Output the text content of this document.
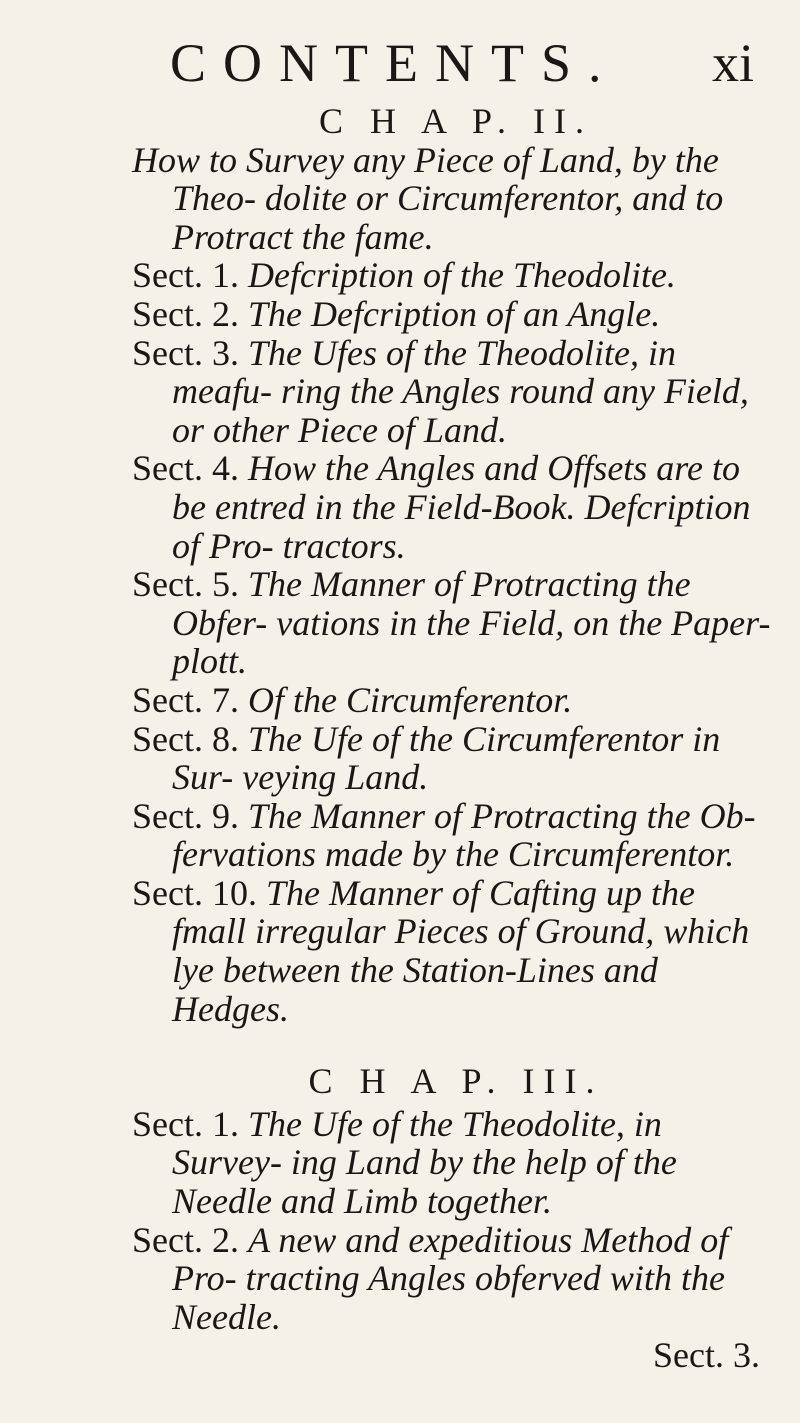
CONTENTS. xi
C H A P. II.

How to Survey any Piece of Land, by the Theo- dolite or Circumferentor, and to Protract the fame.

Sect. 1. Defcription of the Theodolite.

Sect. 2. The Defcription of an Angle.

Sect. 3. The Ufes of the Theodolite, in meafu- ring the Angles round any Field, or other Piece of Land.

Sect. 4. How the Angles and Offsets are to be entred in the Field-Book. Defcription of Pro- tractors.

Sect. 5. The Manner of Protracting the Obfer- vations in the Field, on the Paper-plott.

Sect. 7. Of the Circumferentor.

Sect. 8. The Ufe of the Circumferentor in Sur- veying Land.

Sect. 9. The Manner of Protracting the Ob- fervations made by the Circumferentor.

Sect. 10. The Manner of Cafting up the fmall irregular Pieces of Ground, which lye between the Station-Lines and Hedges.

C H A P. III.

Sect. 1. The Ufe of the Theodolite, in Survey- ing Land by the help of the Needle and Limb together.

Sect. 2. A new and expeditious Method of Pro- tracting Angles obferved with the Needle.

Sect. 3.
